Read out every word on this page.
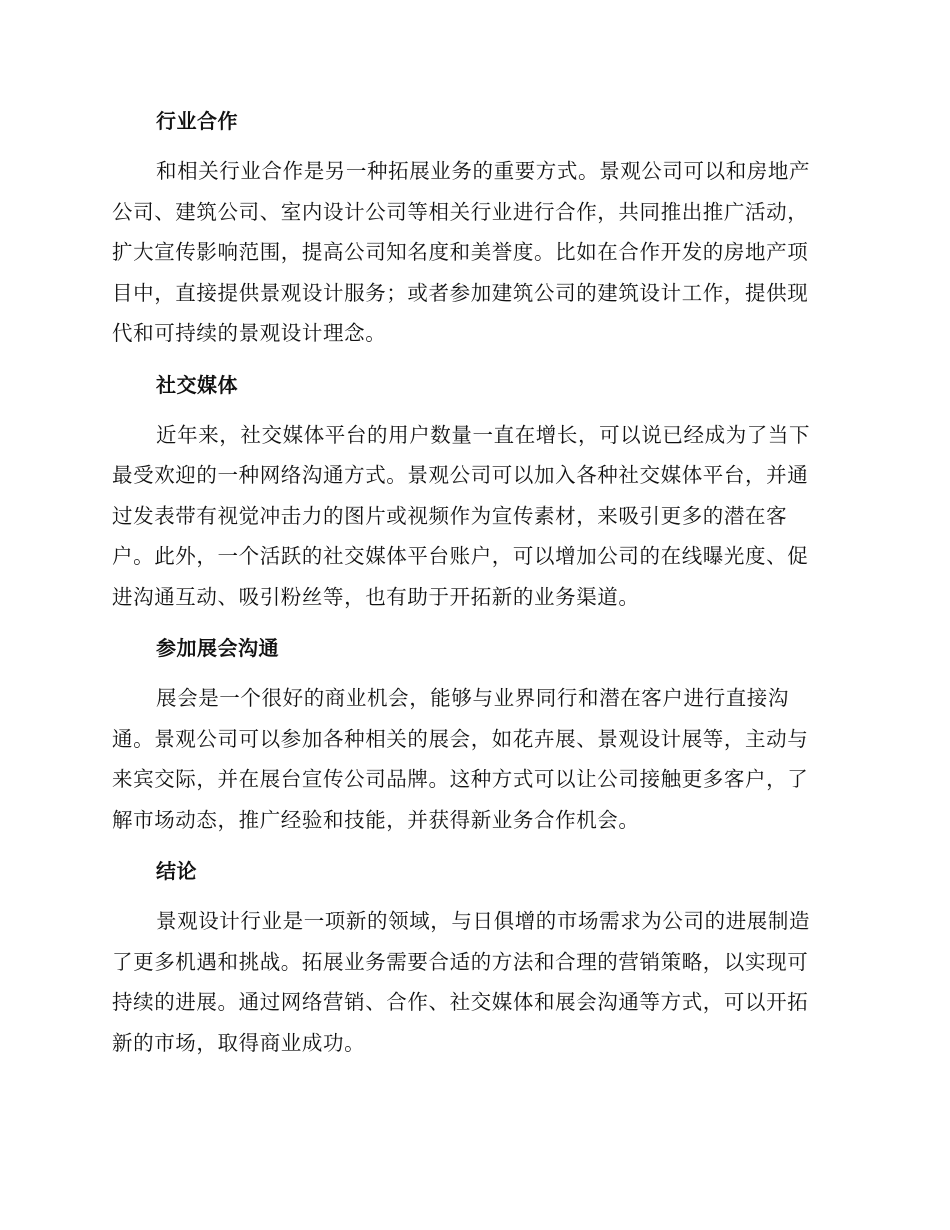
行业合作
和相关行业合作是另一种拓展业务的重要方式。景观公司可以和房地产
公司、建筑公司、室内设计公司等相关行业进行合作，共同推出推广活动，
扩大宣传影响范围，提高公司知名度和美誉度。比如在合作开发的房地产项
目中，直接提供景观设计服务；或者参加建筑公司的建筑设计工作，提供现
代和可持续的景观设计理念。
社交媒体
近年来，社交媒体平台的用户数量一直在增长，可以说已经成为了当下
最受欢迎的一种网络沟通方式。景观公司可以加入各种社交媒体平台，并通
过发表带有视觉冲击力的图片或视频作为宣传素材，来吸引更多的潜在客
户。此外，一个活跃的社交媒体平台账户，可以增加公司的在线曝光度、促
进沟通互动、吸引粉丝等，也有助于开拓新的业务渠道。
参加展会沟通
展会是一个很好的商业机会，能够与业界同行和潜在客户进行直接沟
通。景观公司可以参加各种相关的展会，如花卉展、景观设计展等，主动与
来宾交际，并在展台宣传公司品牌。这种方式可以让公司接触更多客户，了
解市场动态，推广经验和技能，并获得新业务合作机会。
结论
景观设计行业是一项新的领域，与日俱增的市场需求为公司的进展制造
了更多机遇和挑战。拓展业务需要合适的方法和合理的营销策略，以实现可
持续的进展。通过网络营销、合作、社交媒体和展会沟通等方式，可以开拓
新的市场，取得商业成功。
